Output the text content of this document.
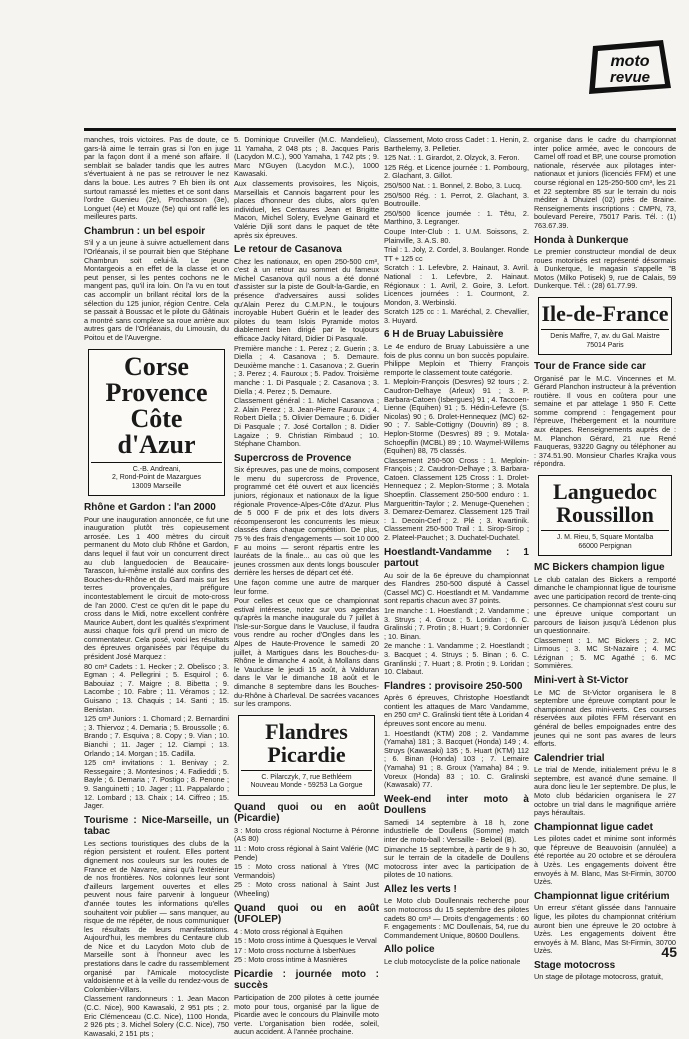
moto
revue

manches, trois victoires. Pas de doute, ce gars-là aime le terrain gras si l'on en juge par la façon dont il a mené son affaire. Il semblait se balader tandis que les autres s'évertuaient à ne pas se retrouver le nez dans la boue. Les autres ? Eh bien ils ont surtout ramassé les miettes et ce sont dans l'ordre Guenieu (2e), Prochasson (3e), Longuet (4e) et Mouze (5e) qui ont raflé les meilleures parts.

Chambrun : un bel espoir

S'il y a un jeune à suivre actuellement dans l'Orléanais, il se pourrait bien que Stéphane Chambrun soit celui-là. Le jeune Montargeois a en effet de la classe et on peut penser, si les pentes cochons ne le mangent pas, qu'il ira loin. On l'a vu en tout cas accomplir un brillant récital lors de la sélection du 125 junior, région Centre. Cela se passait à Boussac et le pilote du Gâtinais a montré sans complexe sa roue arrière aux autres gars de l'Orléanais, du Limousin, du Poitou et de l'Auvergne.

Corse Provence Côte d'Azur
C.-B. Andreani,
2, Rond-Point de Mazargues
13009 Marseille
Rhône et Gardon : l'an 2000

Pour une inauguration annoncée, ce fut une inauguration plutôt très copieusement arrosée. Les 1 400 mètres du circuit permanent du Moto club Rhône et Gardon, dans lequel il faut voir un concurrent direct au club languedocien de Beaucaire-Tarascon, lui-même installé aux confins des Bouches-du-Rhône et du Gard mais sur les terres provençales, préfigure incontestablement le circuit de moto-cross de l'an 2000. C'est ce qu'en dit le pape du cross dans le Midi, notre excellent confrère Maurice Aubert, dont les qualités s'expriment aussi chaque fois qu'il prend un micro de commentateur. Cela posé, voici les résultats des épreuves organisées par l'équipe du président José Marquez :

80 cm³ Cadets : 1. Hecker ; 2. Obelisco ; 3. Egman ; 4. Pellegrini ; 5. Esquirol ; 6. Babouiaz ; 7. Maigre ; 8. Bibetta ; 9. Lacombe ; 10. Fabre ; 11. Véramos ; 12. Guisano ; 13. Chaquis ; 14. Santi ; 15. Benistan.

125 cm³ Juniors : 1. Chomard ; 2. Bernardini ; 3. Thiervoz ; 4. Demaria ; 5. Broussolle ; 6. Brando ; 7. Esquiva ; 8. Copy ; 9. Vian ; 10. Bianchi ; 11. Jager ; 12. Ciampi ; 13. Orlando ; 14. Morgan ; 15. Cadilla.

125 cm³ invitations : 1. Benivay ; 2. Ressegaire ; 3. Montesinos ; 4. Fadieddi ; 5. Bayle ; 6. Demaria ; 7. Postigo ; 8. Penone ; 9. Sanguinetti ; 10. Jager ; 11. Pappalardo ; 12. Lombard ; 13. Chaix ; 14. Ciffreo ; 15. Jager.

Tourisme : Nice-Marseille, un tabac

Les sections touristiques des clubs de la région persistent et roulent. Elles portent dignement nos couleurs sur les routes de France et de Navarre, ainsi qu'à l'extérieur de nos frontières. Nos colonnes leur sont d'ailleurs largement ouvertes et elles peuvent nous faire parvenir à longueur d'année toutes les informations qu'elles souhaitent voir publier — sans manquer, au risque de me répéter, de nous communiquer les résultats de leurs manifestations. Aujourd'hui, les membres du Centaure club de Nice et du Lacydon Moto club de Marseille sont à l'honneur avec les prestations dans le cadre du rassemblement organisé par l'Amicale motocycliste valdoisienne et à la veille du rendez-vous de Colombier-Villars.

Classement randonneurs : 1. Jean Macon (C.C. Nice), 900 Kawasaki, 2 951 pts ; 2. Eric Clémenceau (C.C. Nice), 1100 Honda, 2 926 pts ; 3. Michel Solery (C.C. Nice), 750 Kawasaki, 2 151 pts ;

5. Dominique Cruveiller (M.C. Mandelieu), 11 Yamaha, 2 048 pts ; 8. Jacques Paris (Lacydon M.C.), 900 Yamaha, 1 742 pts ; 9. Marc N'Guyen (Lacydon M.C.), 1000 Kawasaki.

Aux classements provisoires, les Niçois, Marseillais et Cannois bagarrent pour les places d'honneur des clubs, alors qu'en individuel, les Centaures Jean et Brigitte Macon, Michel Solery, Evelyne Gainard et Valérie Djili sont dans le paquet de tête après six épreuves.

Le retour de Casanova

Chez les nationaux, en open 250-500 cm³, c'est à un retour au sommet du fameux Michel Casanova qu'il nous a été donné d'assister sur la piste de Goult-la-Gardie, en présence d'adversaires aussi solides qu'Alain Perez du C.M.P.N., le toujours incroyable Hubert Guérin et le leader des pilotes du team Islois Pyramide motos diablement bien dirigé par le toujours efficace Jacky Nitard, Didier Di Pasquale.

Première manche : 1. Perez ; 2. Guerin ; 3. Diella ; 4. Casanova ; 5. Demaure. Deuxième manche : 1. Casanova ; 2. Guerin ; 3. Perez ; 4. Fauroux ; 5. Padov. Troisième manche : 1. Di Pasquale ; 2. Casanova ; 3. Diella ; 4. Perez ; 5. Demaure.

Classement général : 1. Michel Casanova ; 2. Alain Perez ; 3. Jean-Pierre Fauroux ; 4. Robert Diella ; 5. Olivier Demaure ; 6. Didier Di Pasquale ; 7. José Cortallon ; 8. Didier Lagaize ; 9. Christian Rimbaud ; 10. Stéphane Chambon.

Supercross de Provence

Six épreuves, pas une de moins, composent le menu du supercross de Provence, programmé cet été ouvert et aux licenciés juniors, régionaux et nationaux de la ligue régionale Provence-Alpes-Côte d'Azur. Plus de 5 000 F de prix et des lots divers récompenseront les concurrents les mieux classés dans chaque compétition. De plus, 75 % des frais d'engagements — soit 10 000 F au moins — seront répartis entre les lauréats de la finale... au cas où que les jeunes crossmen aux dents longs bousculer derrière les herses de départ cet été.

Une façon comme une autre de marquer leur forme.

Pour celles et ceux que ce championnat estival intéresse, notez sur vos agendas qu'après la manche inaugurale du 7 juillet à l'Isle-sur-Sorgue dans le Vaucluse, il faudra vous rendre au rocher d'Ongles dans les Alpes de Haute-Provence le samedi 20 juillet, à Martigues dans les Bouches-du-Rhône le dimanche 4 août, à Mollans dans le Vaucluse le jeudi 15 août, à Valduran dans le Var le dimanche 18 août et le dimanche 8 septembre dans les Bouches-du-Rhône à Charleval. De sacrées vacances sur les crampons.

Flandres Picardie
C. Pilarczyk, 7, rue Bethléem
Nouveau Monde - 59253 La Gorgue
Quand quoi ou en août (Picardie)

3 : Moto cross régional Nocturne à Péronne (AS 80)

11 : Moto cross régional à Saint Valérie (MC Pende)

15 : Moto cross national à Ytres (MC Vermandois)

25 : Moto cross national à Saint Just (Wheeling)

Quand quoi ou en août (UFOLEP)

4 : Moto cross régional à Equihen

15 : Moto cross intime à Quesques le Verval

17 : Moto cross nocturne à IsberNues

25 : Moto cross intime à Masnières

Picardie : journée moto : succès

Participation de 200 pilotes à cette journée moto pour tous, organisé par la ligue de Picardie avec le concours du Plainville moto verte. L'organisation bien rodée, soleil, aucun accident. À l'année prochaine.

Classement, Moto cross Cadet : 1. Henin, 2. Barthelemy, 3. Pelletier.

125 Nat. : 1. Girardot, 2. Olzyck, 3. Feron.

125 Rég. et Licence journée : 1. Pombourg, 2. Glachant, 3. Gillot.

250/500 Nat. : 1. Bonnel, 2. Bobo, 3. Lucq.

250/500 Rég. : 1. Perrot, 2. Glachant, 3. Boutrouille.

250/500 licence journée : 1. Têtu, 2. Marthino, 3. Legranger.

Coupe Inter-Club : 1. U.M. Soissons, 2. Plainville, 3. A.S. 80.

Trial : 1. Joly, 2. Cordel, 3. Boulanger. Ronde TT + 125 cc

Scratch : 1. Lefevbre, 2. Hainaut, 3. Avril. National : 1. Lefevbre, 2. Hainaut. Régionaux : 1. Avril, 2. Goire, 3. Lefort. Licences journées : 1. Courmont, 2. Mondon, 3. Werbinski.

Scratch 125 cc : 1. Maréchal, 2. Chevallier, 3. Huyard.

6 H de Bruay Labuissière

Le 4e enduro de Bruay Labuissière a une fois de plus connu un bon succès populaire. Philippe Meploin et Thierry François remporte le classement toute catégorie.

1. Meploin-François (Desvres) 92 tours ; 2. Caudron-Delhaye (Arleux) 91 ; 3. P. Barbara-Catoen (Isbergues) 91 ; 4. Taccoen-Lienne (Equihen) 91 ; 5. Hédin-Lefevre (S. Nicolas) 90 ; 6. Drolet-Hennequez (MC) 62-90 ; 7. Sable-Cottigny (Douvrin) 89 ; 8. Heplon-Storme (Desvres) 89 ; 9. Motala-Schoepflin (MCBL) 89 ; 10. Waymel-Willems (Equihen) 88, 75 classés.

Classement 250-500 Cross : 1. Meploin-François ; 2. Caudron-Delhaye ; 3. Barbara-Catoen. Classement 125 Cross : 1. Drolet-Hennequez ; 2. Meplon-Storme ; 3. Motala Shoeptlin. Classement 250-500 enduro : 1. Marguerittin-Taylor ; 2. Menuge-Quenehen ; 3. Demarez-Demarez. Classement 125 Trail : 1. Decoin-Cerf ; 2. Plé ; 3. Kwartinik. Classement 250-500 Trail : 1. Sirop-Sirop ; 2. Plateel-Pauchet ; 3. Duchatel-Duchatel.

Hoestlandt-Vandamme : 1 partout

Au soir de la 6e épreuve du championnat des Flandres 250-500 disputé à Cassel (Cassel MC) C. Hoestlandt et M. Vandamme sont repartis chacun avec 37 points.

1re manche : 1. Hoestlandt ; 2. Vandamme ; 3. Struys ; 4. Groux ; 5. Loridan ; 6. C. Gralinski ; 7. Protin ; 8. Huart ; 9. Cordonnier ; 10. Binan.

2e manche : 1. Vandamme ; 2. Hoestlandt ; 3. Bacquet ; 4. Struys ; 5. Binan ; 6. C. Granlinski ; 7. Huart ; 8. Protin ; 9. Loridan ; 10. Clabaut.

Flandres : provisoire 250-500

Après 6 épreuves, Christophe Hoestlandt contient les attaques de Marc Vandamme, en 250 cm³ C. Gralinski tient tête à Loridan 4 épreuves sont encore au menu.

1. Hoestlandt (KTM) 208 ; 2. Vandamme (Yamaha) 181 ; 3. Bacquet (Honda) 149 ; 4. Struys (Kawasaki) 135 ; 5. Huart (KTM) 112 ; 6. Binan (Honda) 103 ; 7. Lemaire (Yamaha) 91 ; 8. Groux (Yamaha) 84 ; 9. Voreux (Honda) 83 ; 10. C. Gralinski (Kawasaki) 77.

Week-end inter moto à Doullens

Samedi 14 septembre à 18 h, zone industrielle de Doullens (Somme) match inter de moto-ball : Versaille - Beloeil (B).

Dimanche 15 septembre, à partir de 9 h 30, sur le terrain de la citadelle de Doullens motocross inter avec la participation de pilotes de 10 nations.

Allez les verts !

Le Moto club Doullennais recherche pour son motocross du 15 septembre des pilotes cadets 80 cm³ — Droits d'engagements : 60 F. engagements : MC Doullenais, 54, rue du Commandement Unique, 80600 Doullens.

Allo police

Le club motocycliste de la police nationale

organise dans le cadre du championnat inter police armée, avec le concours de Camel off road et BP, une course promotion nationale, réservée aux pilotages inter-nationaux et juniors (licenciés FFM) et une course régional en 125-250-500 cm³, les 21 et 22 septembre 85 sur le terrain du nois méditer à Dhuizel (02) près de Braine. Renseignements inscriptions : CMPN, 73, boulevard Pereire, 75017 Paris. Tél. : (1) 763.67.39.

Honda à Dunkerque

Le premier constructeur mondial de deux roues motorisés est représenté désormais à Dunkerque, le magasin s'appelle "B Motos (Milko Potisek) 9, rue de Calais, 59 Dunkerque. Tél. : (28) 61.77.99.

Ile-de-France
Denis Maffre, 7, av. du Gal. Maistre
75014 Paris
Tour de France side car

Organisé par le M.C. Vincennes et M. Gérard Planchon instructeur à la prévention routière. Il vous en coûtera pour une semaine et par attelage 1 950 F. Cette somme comprend : l'engagement pour l'épreuve, l'hébergement et la nourriture aux étapes. Renseignements auprès de : M. Planchon Gérard, 21 rue René Fauqueras, 93220 Gagny ou téléphoner au : 374.51.90. Monsieur Charles Krajka vous répondra.

Languedoc Roussillon
J. M. Rieu, 5, Square Montalba
66000 Perpignan
MC Bickers champion ligue

Le club catalan des Bickers a remporté dimanche le championnat ligue de tourisme avec une participation record de trente-cinq personnes. Ce championnat s'est couru sur une épreuve unique comportant un parcours de liaison jusqu'à Lédenon plus un questionnaire.

Classement : 1. MC Bickers ; 2. MC Lirmous ; 3. MC St-Nazaire ; 4. MC Lézignan ; 5. MC Agathé ; 6. MC Sommières.

Mini-vert à St-Victor

Le MC de St-Victor organisera le 8 septembre une épreuve comptant pour le championnat des mini-verts. Ces courses réservées aux pilotes FFM réservant en général de belles empoignades entre des jeunes qui ne sont pas avares de leurs efforts.

Calendrier trial

Le trial de Mende, initialement prévu le 8 septembre, est avancé d'une semaine. Il aura donc lieu le 1er septembre. De plus, le Moto club bédaricien organisera le 27 octobre un trial dans le magnifique arrière pays héraultais.

Championnat ligue cadet

Les pilotes cadet et minime sont informés que l'épreuve de Beauvoisin (annulée) a été reportée au 20 octobre et se déroulera à Uzès. Les engagements doivent être envoyés à M. Blanc, Mas St-Firmin, 30700 Uzès.

Championnat ligue critérium

Un erreur s'étant glissée dans l'annuaire ligue, les pilotes du championnat critérium auront bien une épreuve le 20 octobre à Uzès. Les engagements doivent être envoyés à M. Blanc, Mas St-Firmin, 30700 Uzès.

Stage motocross

Un stage de pilotage motocross, gratuit,

45
